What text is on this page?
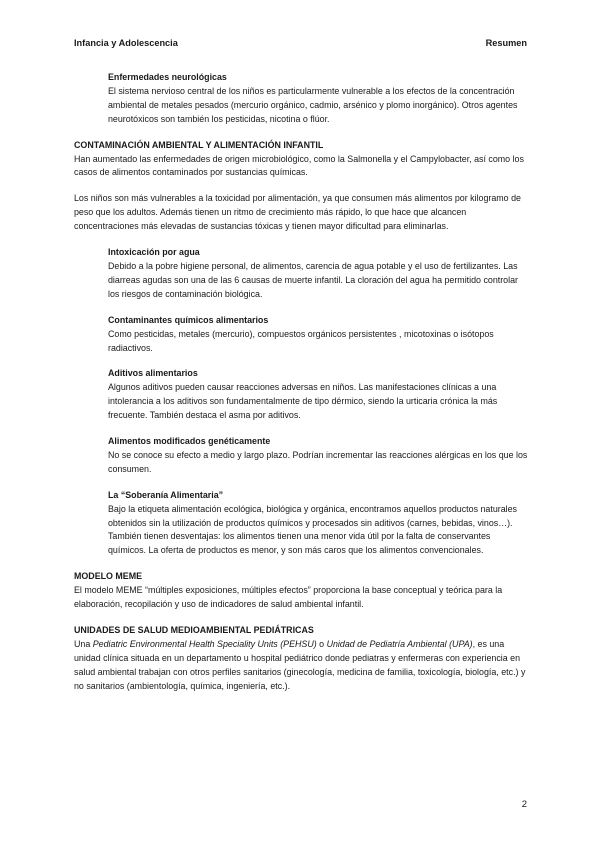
Infancia y Adolescencia	Resumen

Enfermedades neurológicas

El sistema nervioso central de los niños es particularmente vulnerable a los efectos de la concentración ambiental de metales pesados (mercurio orgánico, cadmio, arsénico y plomo inorgánico). Otros agentes neurotóxicos son también los pesticidas, nicotina o flúor.

CONTAMINACIÓN AMBIENTAL Y ALIMENTACIÓN INFANTIL

Han aumentado las enfermedades de origen microbiológico, como la Salmonella y el Campylobacter, así como los casos de alimentos contaminados por sustancias químicas.

Los niños son más vulnerables a la toxicidad por alimentación, ya que consumen más alimentos por kilogramo de peso que los adultos. Además tienen un ritmo de crecimiento más rápido, lo que hace que alcancen concentraciones más elevadas de sustancias tóxicas y tienen mayor dificultad para eliminarlas.

Intoxicación por agua

Debido a la pobre higiene personal, de alimentos, carencia de agua potable y el uso de fertilizantes. Las diarreas agudas son una de las 6 causas de muerte infantil. La cloración del agua ha permitido controlar los riesgos de contaminación biológica.

Contaminantes químicos alimentarios

Como pesticidas, metales (mercurio), compuestos orgánicos persistentes , micotoxinas o isótopos radiactivos.

Aditivos alimentarios

Algunos aditivos pueden causar reacciones adversas en niños. Las manifestaciones clínicas a una intolerancia a los aditivos son fundamentalmente de tipo dérmico, siendo la urticaria crónica la más frecuente. También destaca el asma por aditivos.

Alimentos modificados genéticamente

No se conoce su efecto a medio y largo plazo. Podrían incrementar las reacciones alérgicas en los que los consumen.

La “Soberanía Alimentaria”

Bajo la etiqueta alimentación ecológica, biológica y orgánica, encontramos aquellos productos naturales obtenidos sin la utilización de productos químicos y procesados sin aditivos (carnes, bebidas, vinos…).

También tienen desventajas: los alimentos tienen una menor vida útil por la falta de conservantes químicos. La oferta de productos es menor, y son más caros que los alimentos convencionales.

MODELO MEME

El modelo MEME “múltiples exposiciones, múltiples efectos” proporciona la base conceptual y teórica para la elaboración, recopilación y uso de indicadores de salud ambiental infantil.

UNIDADES DE SALUD MEDIOAMBIENTAL PEDIÁTRICAS

Una Pediatric Environmental Health Speciality Units (PEHSU) o Unidad de Pediatría Ambiental (UPA), es una unidad clínica situada en un departamento u hospital pediátrico donde pediatras y enfermeras con experiencia en salud ambiental trabajan con otros perfiles sanitarios (ginecología, medicina de familia, toxicología, biología, etc.) y no sanitarios (ambientología, química, ingeniería, etc.).

2
